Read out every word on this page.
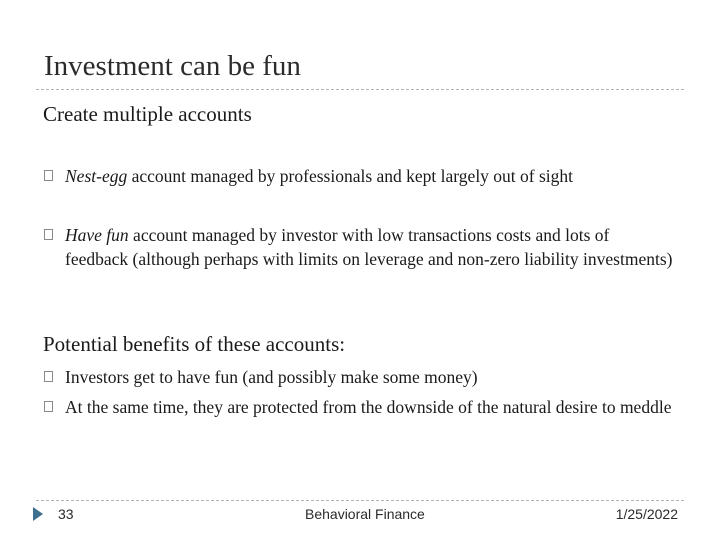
Investment can be fun
Create multiple accounts
Nest-egg account managed by professionals and kept largely out of sight
Have fun account managed by investor with low transactions costs and lots of feedback (although perhaps with limits on leverage and non-zero liability investments)
Potential benefits of these accounts:
Investors get to have fun (and possibly make some money)
At the same time, they are protected from the downside of the natural desire to meddle
33	Behavioral Finance	1/25/2022
